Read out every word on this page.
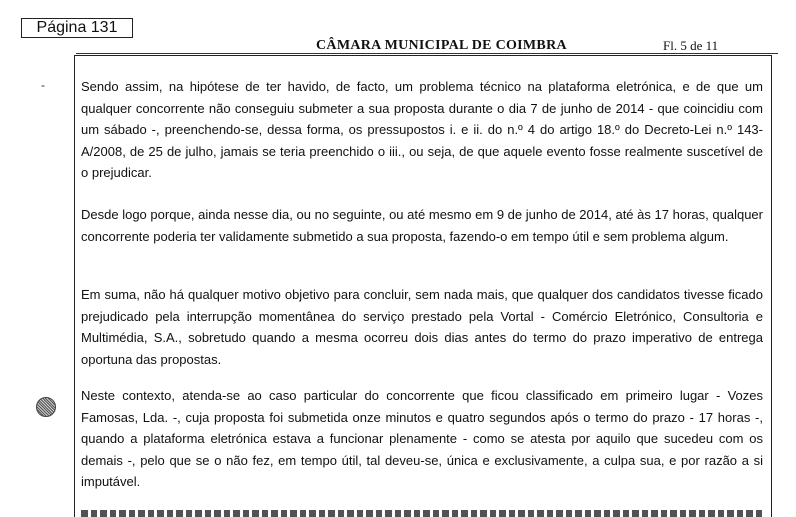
Página 131
CÂMARA MUNICIPAL DE COIMBRA	Fl. 5 de 11
-	Sendo assim, na hipótese de ter havido, de facto, um problema técnico na plataforma eletrónica, e de que um qualquer concorrente não conseguiu submeter a sua proposta durante o dia 7 de junho de 2014 - que coincidiu com um sábado -, preenchendo-se, dessa forma, os pressupostos i. e ii. do n.º 4 do artigo 18.º do Decreto-Lei n.º 143-A/2008, de 25 de julho, jamais se teria preenchido o iii., ou seja, de que aquele evento fosse realmente suscetível de o prejudicar.

Desde logo porque, ainda nesse dia, ou no seguinte, ou até mesmo em 9 de junho de 2014, até às 17 horas, qualquer concorrente poderia ter validamente submetido a sua proposta, fazendo-o em tempo útil e sem problema algum.

Em suma, não há qualquer motivo objetivo para concluir, sem nada mais, que qualquer dos candidatos tivesse ficado prejudicado pela interrupção momentânea do serviço prestado pela Vortal - Comércio Eletrónico, Consultoria e Multimédia, S.A., sobretudo quando a mesma ocorreu dois dias antes do termo do prazo imperativo de entrega oportuna das propostas.

Neste contexto, atenda-se ao caso particular do concorrente que ficou classificado em primeiro lugar - Vozes Famosas, Lda. -, cuja proposta foi submetida onze minutos e quatro segundos após o termo do prazo - 17 horas -, quando a plataforma eletrónica estava a funcionar plenamente - como se atesta por aquilo que sucedeu com os demais -, pelo que se o não fez, em tempo útil, tal deveu-se, única e exclusivamente, a culpa sua, e por razão a si imputável.
